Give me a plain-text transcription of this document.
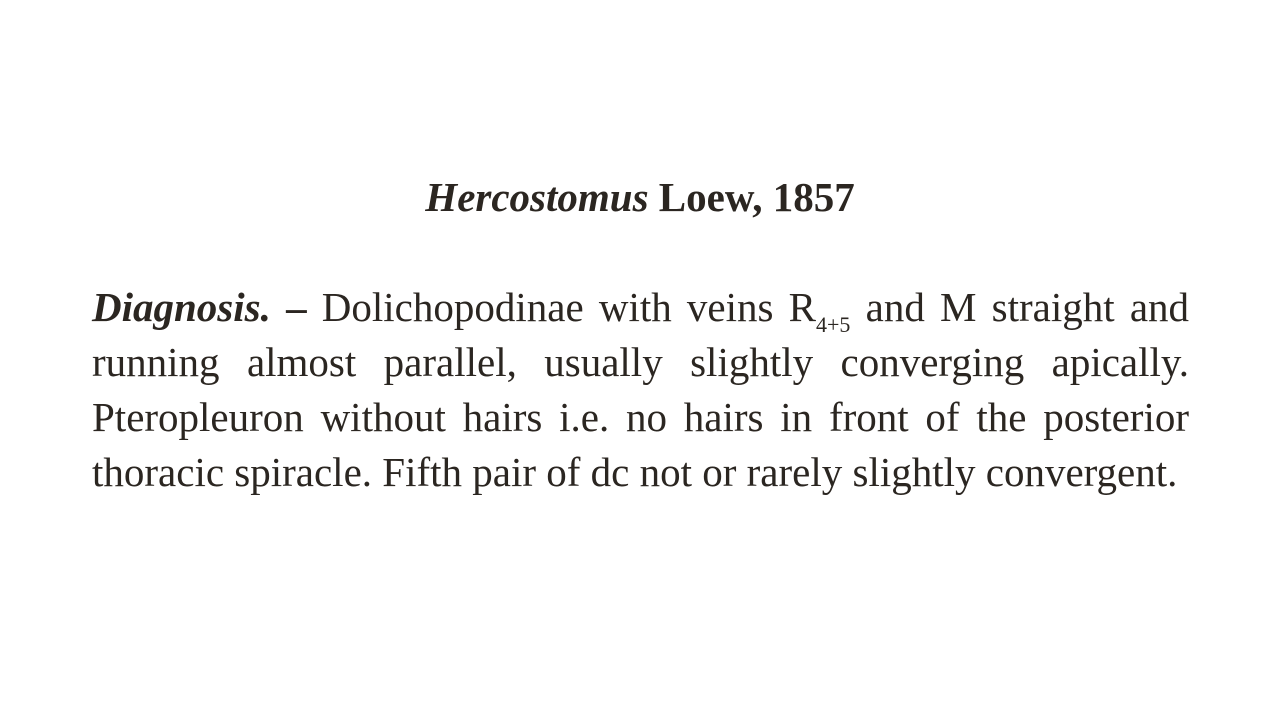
Hercostomus Loew, 1857
Diagnosis. – Dolichopodinae with veins $R_{4+5}$ and M straight and running almost parallel, usually slightly converging apically. Pteropleuron without hairs i.e. no hairs in front of the posterior thoracic spiracle. Fifth pair of dc not or rarely slightly convergent.
